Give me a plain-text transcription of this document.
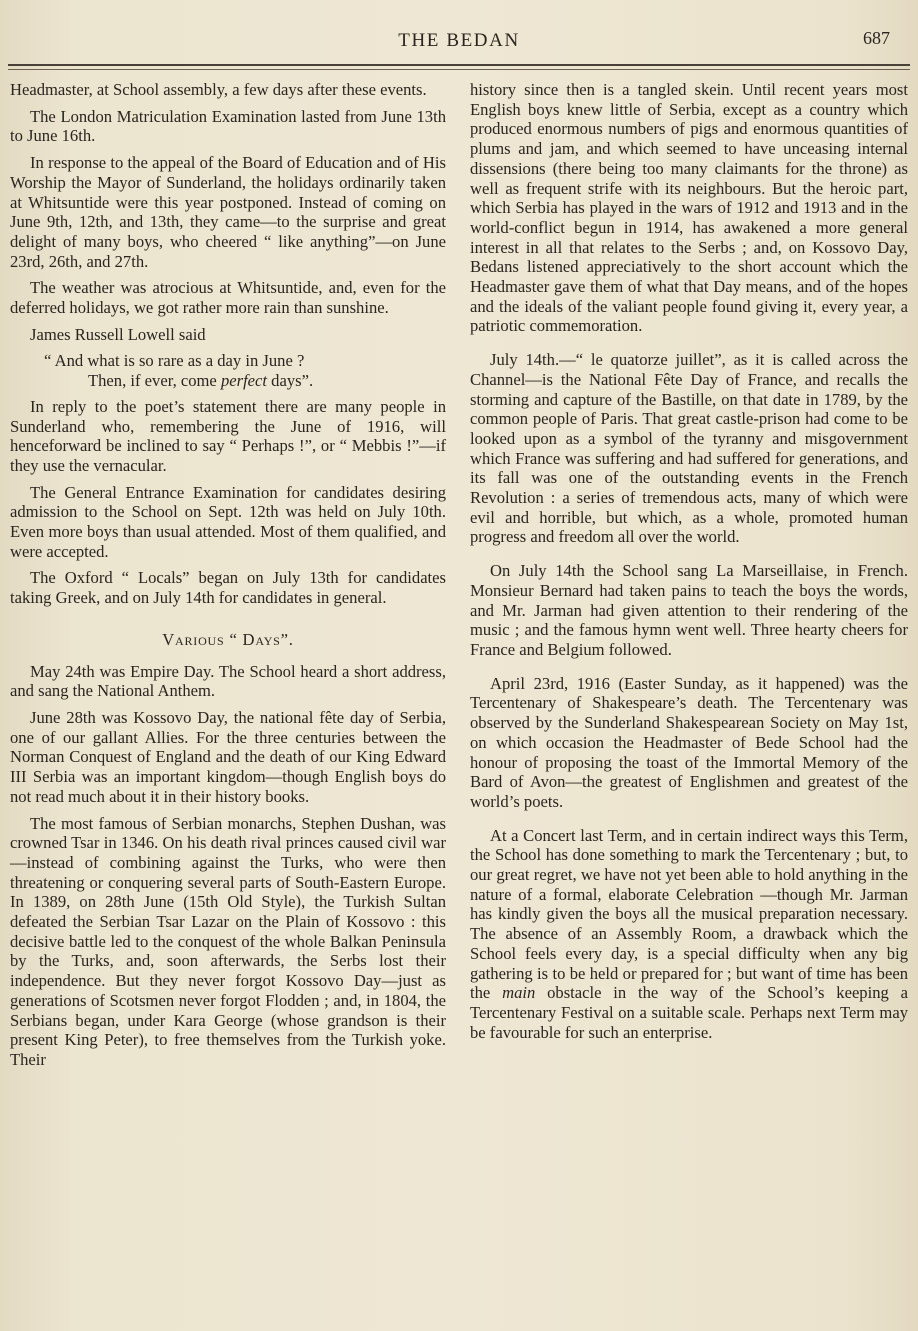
THE BEDAN	687

Headmaster, at School assembly, a few days after these events.

The London Matriculation Examination lasted from June 13th to June 16th.

In response to the appeal of the Board of Education and of His Worship the Mayor of Sunderland, the holidays ordinarily taken at Whitsuntide were this year postponed. Instead of coming on June 9th, 12th, and 13th, they came—to the surprise and great delight of many boys, who cheered “ like anything”—on June 23rd, 26th, and 27th.

The weather was atrocious at Whitsuntide, and, even for the deferred holidays, we got rather more rain than sunshine.

James Russell Lowell said

“ And what is so rare as a day in June ?
Then, if ever, come perfect days”.

In reply to the poet’s statement there are many people in Sunderland who, remembering the June of 1916, will henceforward be inclined to say “ Perhaps !”, or “ Mebbis !”—if they use the vernacular.

The General Entrance Examination for candidates desiring admission to the School on Sept. 12th was held on July 10th. Even more boys than usual attended. Most of them qualified, and were accepted.

The Oxford “ Locals” began on July 13th for candidates taking Greek, and on July 14th for candidates in general.

Various “ Days”.

May 24th was Empire Day. The School heard a short address, and sang the National Anthem.

June 28th was Kossovo Day, the national fête day of Serbia, one of our gallant Allies. For the three centuries between the Norman Conquest of England and the death of our King Edward III Serbia was an important kingdom—though English boys do not read much about it in their history books.

The most famous of Serbian monarchs, Stephen Dushan, was crowned Tsar in 1346. On his death rival princes caused civil war—instead of combining against the Turks, who were then threatening or conquering several parts of South-Eastern Europe. In 1389, on 28th June (15th Old Style), the Turkish Sultan defeated the Serbian Tsar Lazar on the Plain of Kossovo : this decisive battle led to the conquest of the whole Balkan Peninsula by the Turks, and, soon afterwards, the Serbs lost their independence. But they never forgot Kossovo Day—just as generations of Scotsmen never forgot Flodden ; and, in 1804, the Serbians began, under Kara George (whose grandson is their present King Peter), to free themselves from the Turkish yoke. Their

history since then is a tangled skein. Until recent years most English boys knew little of Serbia, except as a country which produced enormous numbers of pigs and enormous quantities of plums and jam, and which seemed to have unceasing internal dissensions (there being too many claimants for the throne) as well as frequent strife with its neighbours. But the heroic part, which Serbia has played in the wars of 1912 and 1913 and in the world-conflict begun in 1914, has awakened a more general interest in all that relates to the Serbs ; and, on Kossovo Day, Bedans listened appreciatively to the short account which the Headmaster gave them of what that Day means, and of the hopes and the ideals of the valiant people found giving it, every year, a patriotic commemoration.

July 14th.—“ le quatorze juillet”, as it is called across the Channel—is the National Fête Day of France, and recalls the storming and capture of the Bastille, on that date in 1789, by the common people of Paris. That great castle-prison had come to be looked upon as a symbol of the tyranny and misgovernment which France was suffering and had suffered for generations, and its fall was one of the outstanding events in the French Revolution : a series of tremendous acts, many of which were evil and horrible, but which, as a whole, promoted human progress and freedom all over the world.

On July 14th the School sang La Marseillaise, in French. Monsieur Bernard had taken pains to teach the boys the words, and Mr. Jarman had given attention to their rendering of the music ; and the famous hymn went well. Three hearty cheers for France and Belgium followed.

April 23rd, 1916 (Easter Sunday, as it happened) was the Tercentenary of Shakespeare’s death. The Tercentenary was observed by the Sunderland Shakespearean Society on May 1st, on which occasion the Headmaster of Bede School had the honour of proposing the toast of the Immortal Memory of the Bard of Avon—the greatest of Englishmen and greatest of the world’s poets.

At a Concert last Term, and in certain indirect ways this Term, the School has done something to mark the Tercentenary ; but, to our great regret, we have not yet been able to hold anything in the nature of a formal, elaborate Celebration —though Mr. Jarman has kindly given the boys all the musical preparation necessary. The absence of an Assembly Room, a drawback which the School feels every day, is a special difficulty when any big gathering is to be held or prepared for ; but want of time has been the main obstacle in the way of the School’s keeping a Tercentenary Festival on a suitable scale. Perhaps next Term may be favourable for such an enterprise.
